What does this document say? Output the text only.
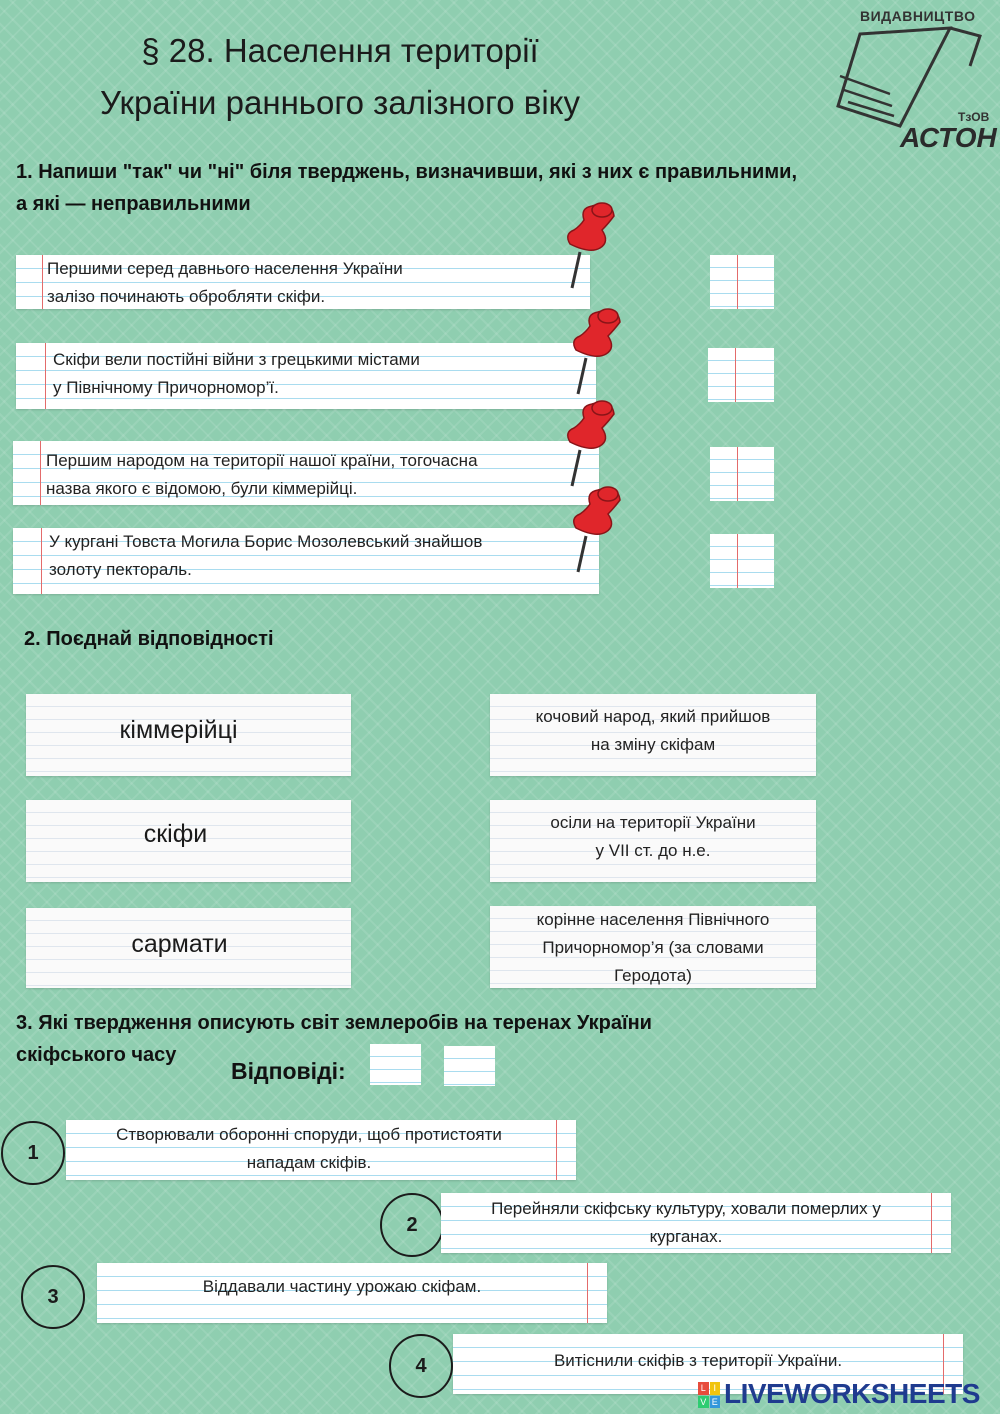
§ 28. Населення території
України раннього залізного віку
ВИДАВНИЦТВО
ТзОВ
АСТОН
1. Напиши "так" чи "ні" біля тверджень, визначивши, які з них є правильними,
а які — неправильними
Першими серед давнього населення України
залізо починають обробляти скіфи.
Скіфи вели постійні війни з грецькими містами
у Північному Причорномор’ї.
Першим народом на території нашої країни, тогочасна
назва якого є відомою, були кіммерійці.
У кургані Товста Могила Борис Мозолевський знайшов
золоту пектораль.
2. Поєднай відповідності
кіммерійці
скіфи
сармати
кочовий народ, який прийшов
на зміну скіфам
осіли на території України
у VII ст. до н.е.
корінне населення Північного
Причорномор’я (за словами
Геродота)
3. Які твердження описують світ землеробів на теренах України
скіфського часу
Відповіді:
1
Створювали оборонні споруди, щоб протистояти
нападам скіфів.
2
Перейняли скіфську культуру, ховали померлих у
курганах.
3	Віддавали частину урожаю скіфам.
4	Витіснили скіфів з території України.
L I
V E LIVEWORKSHEETS
